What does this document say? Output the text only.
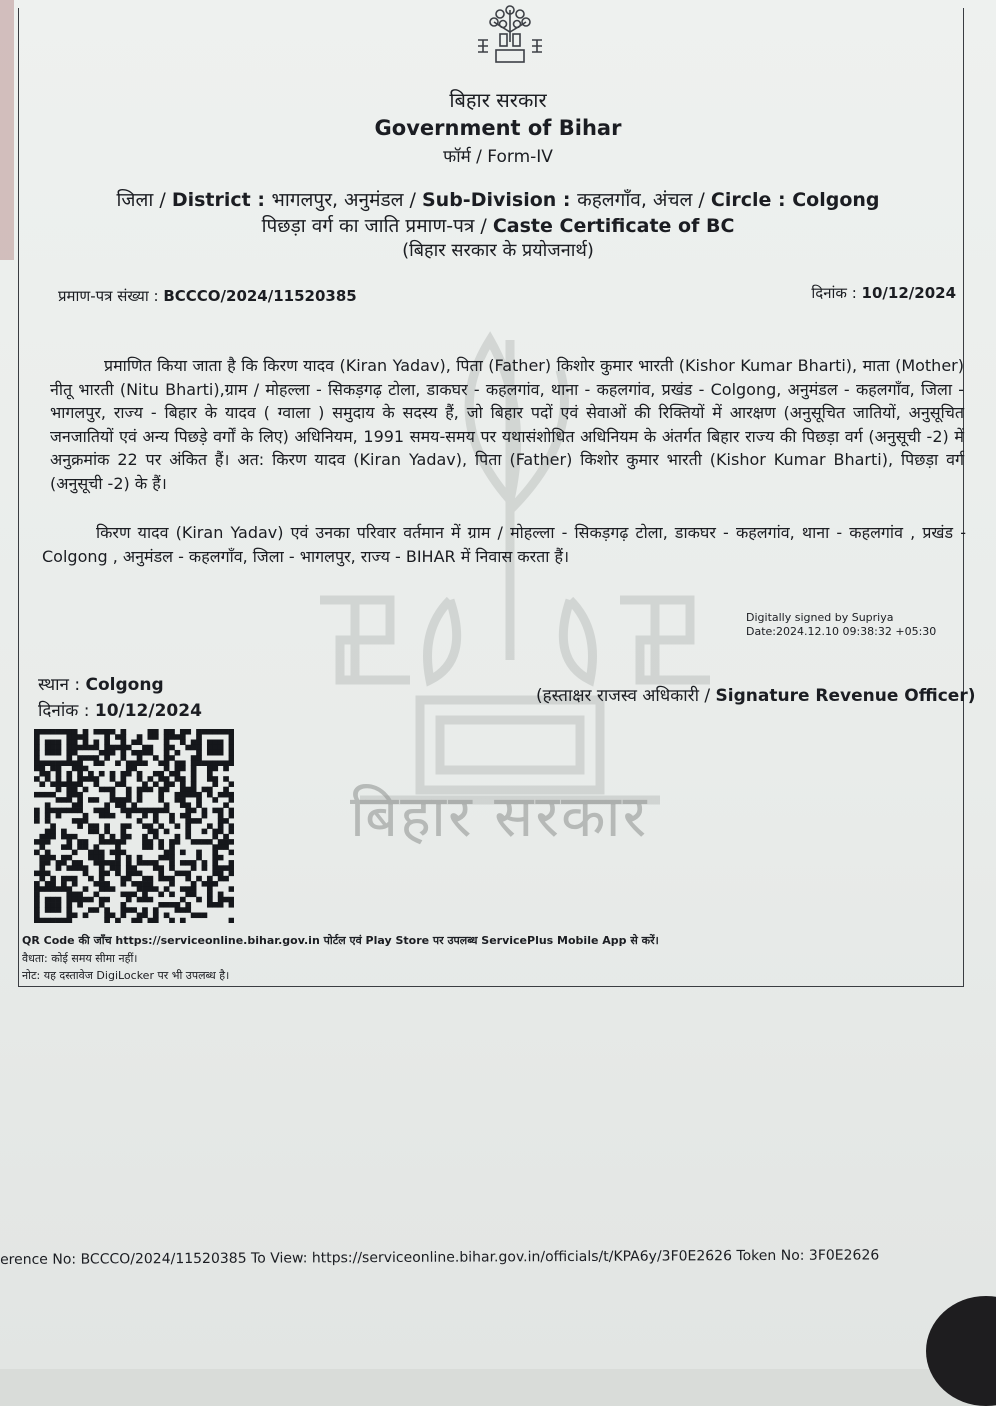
बिहार सरकार
बिहार सरकार
Government of Bihar
फॉर्म / Form-IV
जिला / District : भागलपुर, अनुमंडल / Sub-Division : कहलगाँव, अंचल / Circle : Colgong
पिछड़ा वर्ग का जाति प्रमाण-पत्र / Caste Certificate of BC
(बिहार सरकार के प्रयोजनार्थ)
प्रमाण-पत्र संख्या : BCCCO/2024/11520385	दिनांक : 10/12/2024
प्रमाणित किया जाता है कि किरण यादव (Kiran Yadav), पिता (Father) किशोर कुमार भारती (Kishor Kumar Bharti), माता (Mother) नीतू भारती (Nitu Bharti),ग्राम / मोहल्ला - सिकड़गढ़ टोला, डाकघर - कहलगांव, थाना - कहलगांव, प्रखंड - Colgong, अनुमंडल - कहलगाँव, जिला - भागलपुर, राज्य - बिहार के यादव ( ग्वाला ) समुदाय के सदस्य हैं, जो बिहार पदों एवं सेवाओं की रिक्तियों में आरक्षण (अनुसूचित जातियों, अनुसूचित जनजातियों एवं अन्य पिछड़े वर्गों के लिए) अधिनियम, 1991 समय-समय पर यथासंशोधित अधिनियम के अंतर्गत बिहार राज्य की पिछड़ा वर्ग (अनुसूची -2) में अनुक्रमांक 22 पर अंकित हैं। अत: किरण यादव (Kiran Yadav), पिता (Father) किशोर कुमार भारती (Kishor Kumar Bharti), पिछड़ा वर्ग (अनुसूची -2) के हैं।
किरण यादव (Kiran Yadav) एवं उनका परिवार वर्तमान में ग्राम / मोहल्ला - सिकड़गढ़ टोला, डाकघर - कहलगांव, थाना - कहलगांव , प्रखंड - Colgong , अनुमंडल - कहलगाँव, जिला - भागलपुर, राज्य - BIHAR में निवास करता हैं।
Digitally signed by Supriya
Date:2024.12.10 09:38:32 +05:30
(हस्ताक्षर राजस्व अधिकारी / Signature Revenue Officer)
स्थान : Colgong
दिनांक : 10/12/2024
QR Code की जाँच https://serviceonline.bihar.gov.in पोर्टल एवं Play Store पर उपलब्ध ServicePlus Mobile App से करें।
वैधता: कोई समय सीमा नहीं।
नोट: यह दस्तावेज DigiLocker पर भी उपलब्ध है।
erence No: BCCCO/2024/11520385 To View: https://serviceonline.bihar.gov.in/officials/t/KPA6y/3F0E2626 Token No: 3F0E2626
